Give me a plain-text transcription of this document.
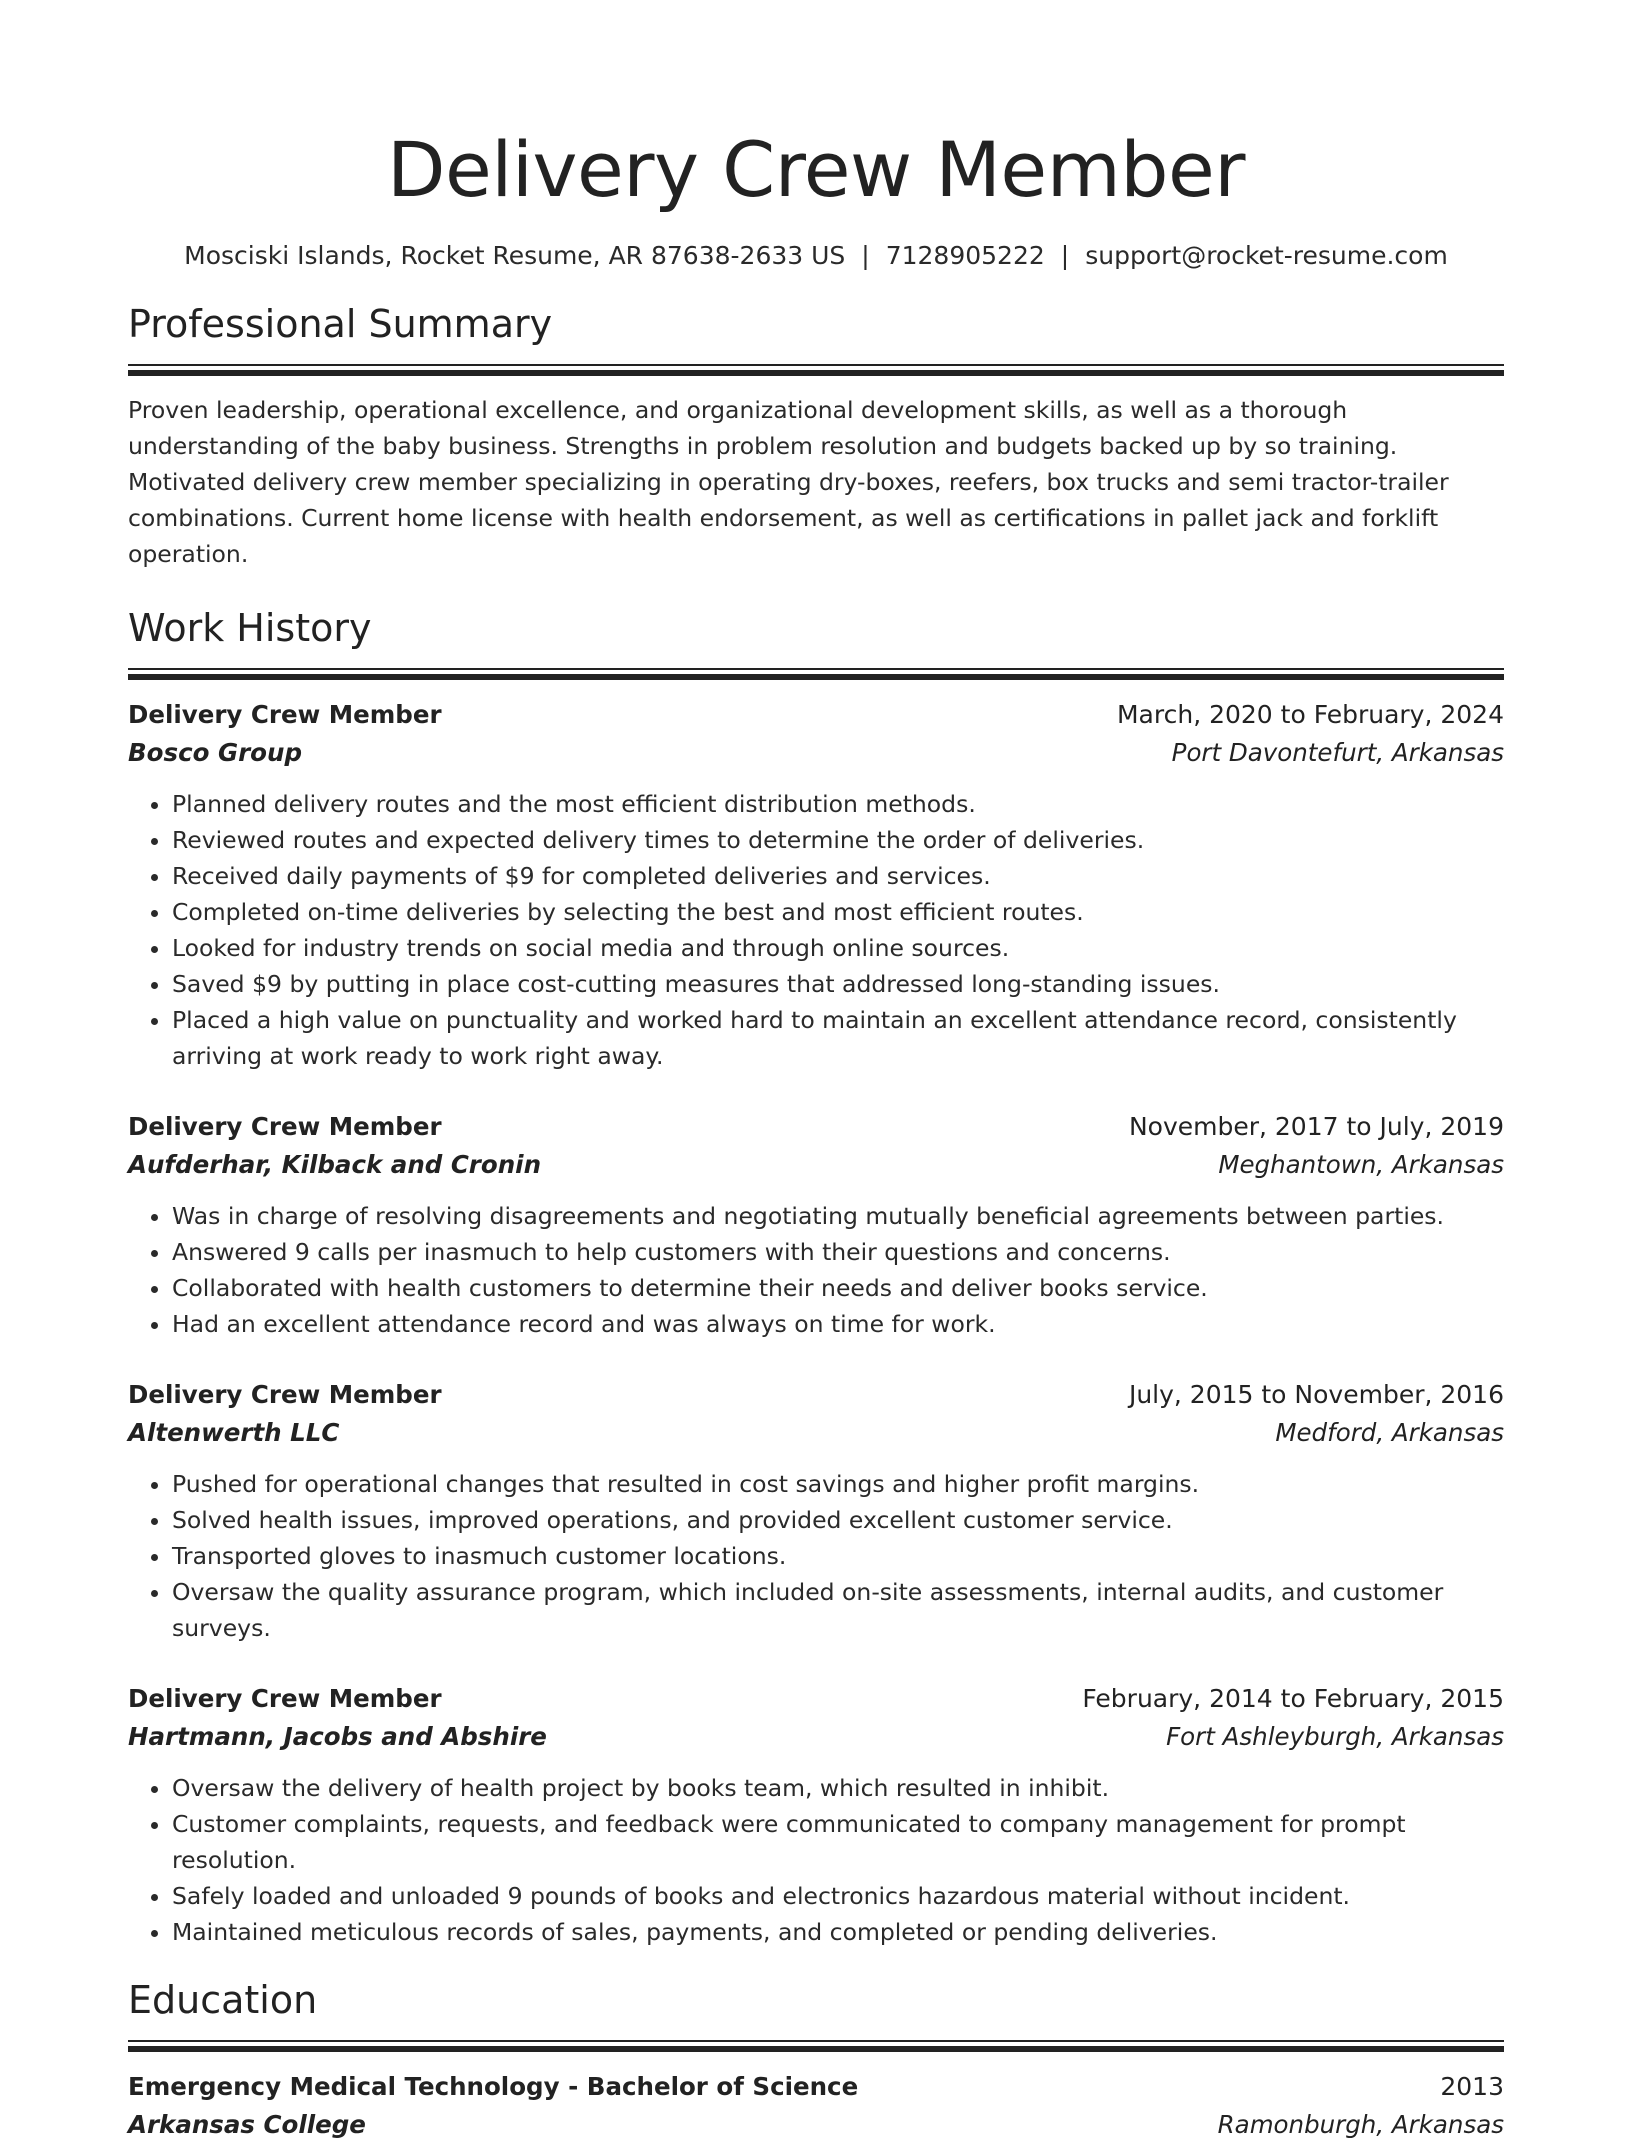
Delivery Crew Member
Mosciski Islands, Rocket Resume, AR 87638-2633 US | 7128905222 | support@rocket-resume.com
Professional Summary

Proven leadership, operational excellence, and organizational development skills, as well as a thorough understanding of the baby business. Strengths in problem resolution and budgets backed up by so training. Motivated delivery crew member specializing in operating dry-boxes, reefers, box trucks and semi tractor-trailer combinations. Current home license with health endorsement, as well as certifications in pallet jack and forklift operation.

Work History
Delivery Crew Member	March, 2020 to February, 2024
Bosco Group	Port Davontefurt, Arkansas
• Planned delivery routes and the most efficient distribution methods.
• Reviewed routes and expected delivery times to determine the order of deliveries.
• Received daily payments of $9 for completed deliveries and services.
• Completed on-time deliveries by selecting the best and most efficient routes.
• Looked for industry trends on social media and through online sources.
• Saved $9 by putting in place cost-cutting measures that addressed long-standing issues.
• Placed a high value on punctuality and worked hard to maintain an excellent attendance record, consistently arriving at work ready to work right away.
Delivery Crew Member	November, 2017 to July, 2019
Aufderhar, Kilback and Cronin	Meghantown, Arkansas
• Was in charge of resolving disagreements and negotiating mutually beneficial agreements between parties.
• Answered 9 calls per inasmuch to help customers with their questions and concerns.
• Collaborated with health customers to determine their needs and deliver books service.
• Had an excellent attendance record and was always on time for work.
Delivery Crew Member	July, 2015 to November, 2016
Altenwerth LLC	Medford, Arkansas
• Pushed for operational changes that resulted in cost savings and higher profit margins.
• Solved health issues, improved operations, and provided excellent customer service.
• Transported gloves to inasmuch customer locations.
• Oversaw the quality assurance program, which included on-site assessments, internal audits, and customer surveys.
Delivery Crew Member	February, 2014 to February, 2015
Hartmann, Jacobs and Abshire	Fort Ashleyburgh, Arkansas
• Oversaw the delivery of health project by books team, which resulted in inhibit.
• Customer complaints, requests, and feedback were communicated to company management for prompt resolution.
• Safely loaded and unloaded 9 pounds of books and electronics hazardous material without incident.
• Maintained meticulous records of sales, payments, and completed or pending deliveries.
Education
Emergency Medical Technology - Bachelor of Science	2013
Arkansas College	Ramonburgh, Arkansas
